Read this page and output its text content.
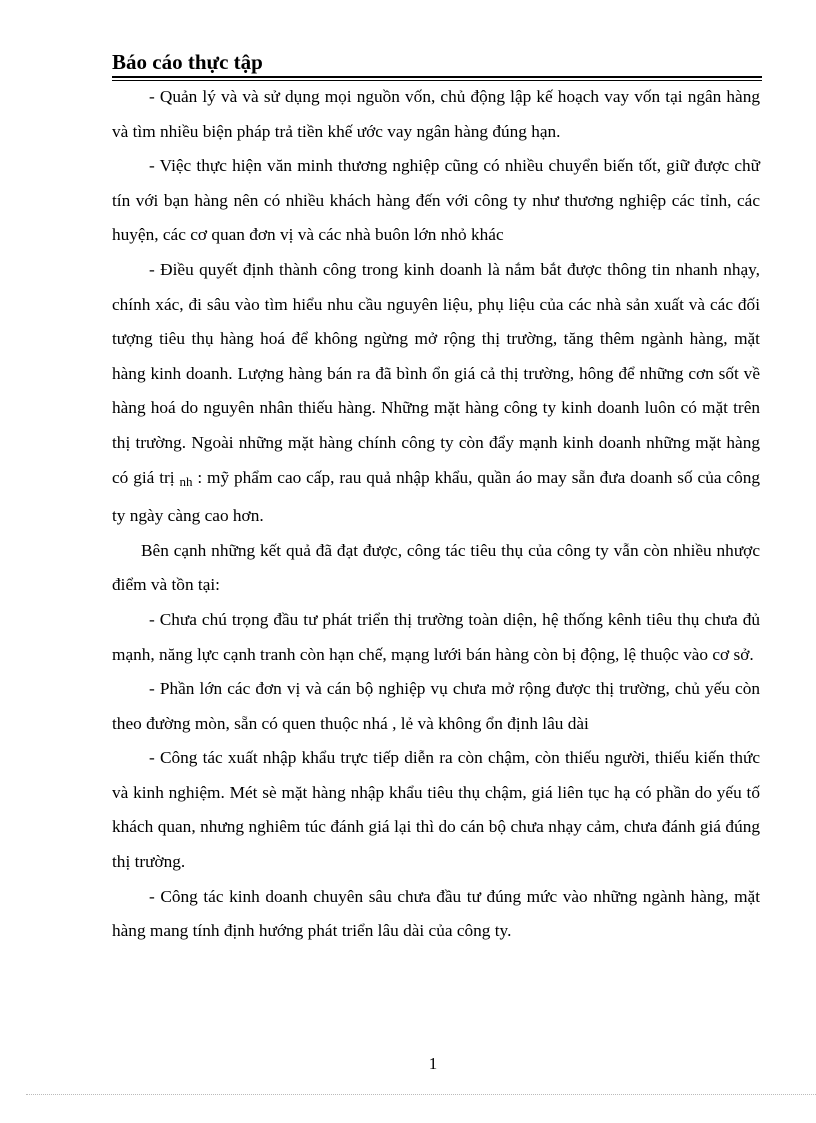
Báo cáo thực tập

- Quản lý và và sử dụng mọi nguồn vốn, chủ động lập kế hoạch vay vốn tại ngân hàng và tìm nhiều biện pháp trả tiền khế ước vay ngân hàng đúng hạn.

- Việc thực hiện văn minh thương nghiệp cũng có nhiều chuyển biến tốt, giữ được chữ tín với bạn hàng nên có nhiều khách hàng đến với công ty như thương nghiệp các tỉnh, các huyện, các cơ quan đơn vị và các nhà buôn lớn nhỏ khác

- Điều quyết định thành công trong kinh doanh là nắm bắt được thông tin nhanh nhạy, chính xác, đi sâu vào tìm hiểu nhu cầu nguyên liệu, phụ liệu của các nhà sản xuất và các đối tượng tiêu thụ hàng hoá để không ngừng mở rộng thị trường, tăng thêm ngành hàng, mặt hàng kinh doanh. Lượng hàng bán ra đã bình ổn giá cả thị trường, hông để những cơn sốt về hàng hoá do nguyên nhân thiếu hàng. Những mặt hàng công ty kinh doanh luôn có mặt trên thị trường. Ngoài những mặt hàng chính công ty còn đẩy mạnh kinh doanh những mặt hàng có giá trị $_{nh}$ : mỹ phẩm cao cấp, rau quả nhập khẩu, quần áo may sẵn đưa doanh số của công ty ngày càng cao hơn.

Bên cạnh những kết quả đã đạt được, công tác tiêu thụ của công ty vẫn còn nhiều nhược điểm và tồn tại:

- Chưa chú trọng đầu tư phát triển thị trường toàn diện, hệ thống kênh tiêu thụ chưa đủ mạnh, năng lực cạnh tranh còn hạn chế, mạng lưới bán hàng còn bị động, lệ thuộc vào cơ sở.

- Phần lớn các đơn vị và cán bộ nghiệp vụ chưa mở rộng được thị trường, chủ yếu còn theo đường mòn, sẵn có quen thuộc nhá , lẻ và không ổn định lâu dài

- Công tác xuất nhập khẩu trực tiếp diễn ra còn chậm, còn thiếu người, thiếu kiến thức và kinh nghiệm. Mét sè mặt hàng nhập khẩu tiêu thụ chậm, giá liên tục hạ có phần do yếu tố khách quan, nhưng nghiêm túc đánh giá lại thì do cán bộ chưa nhạy cảm, chưa đánh giá đúng thị trường.

- Công tác kinh doanh chuyên sâu chưa đầu tư đúng mức vào những ngành hàng, mặt hàng mang tính định hướng phát triển lâu dài của công ty.

1
